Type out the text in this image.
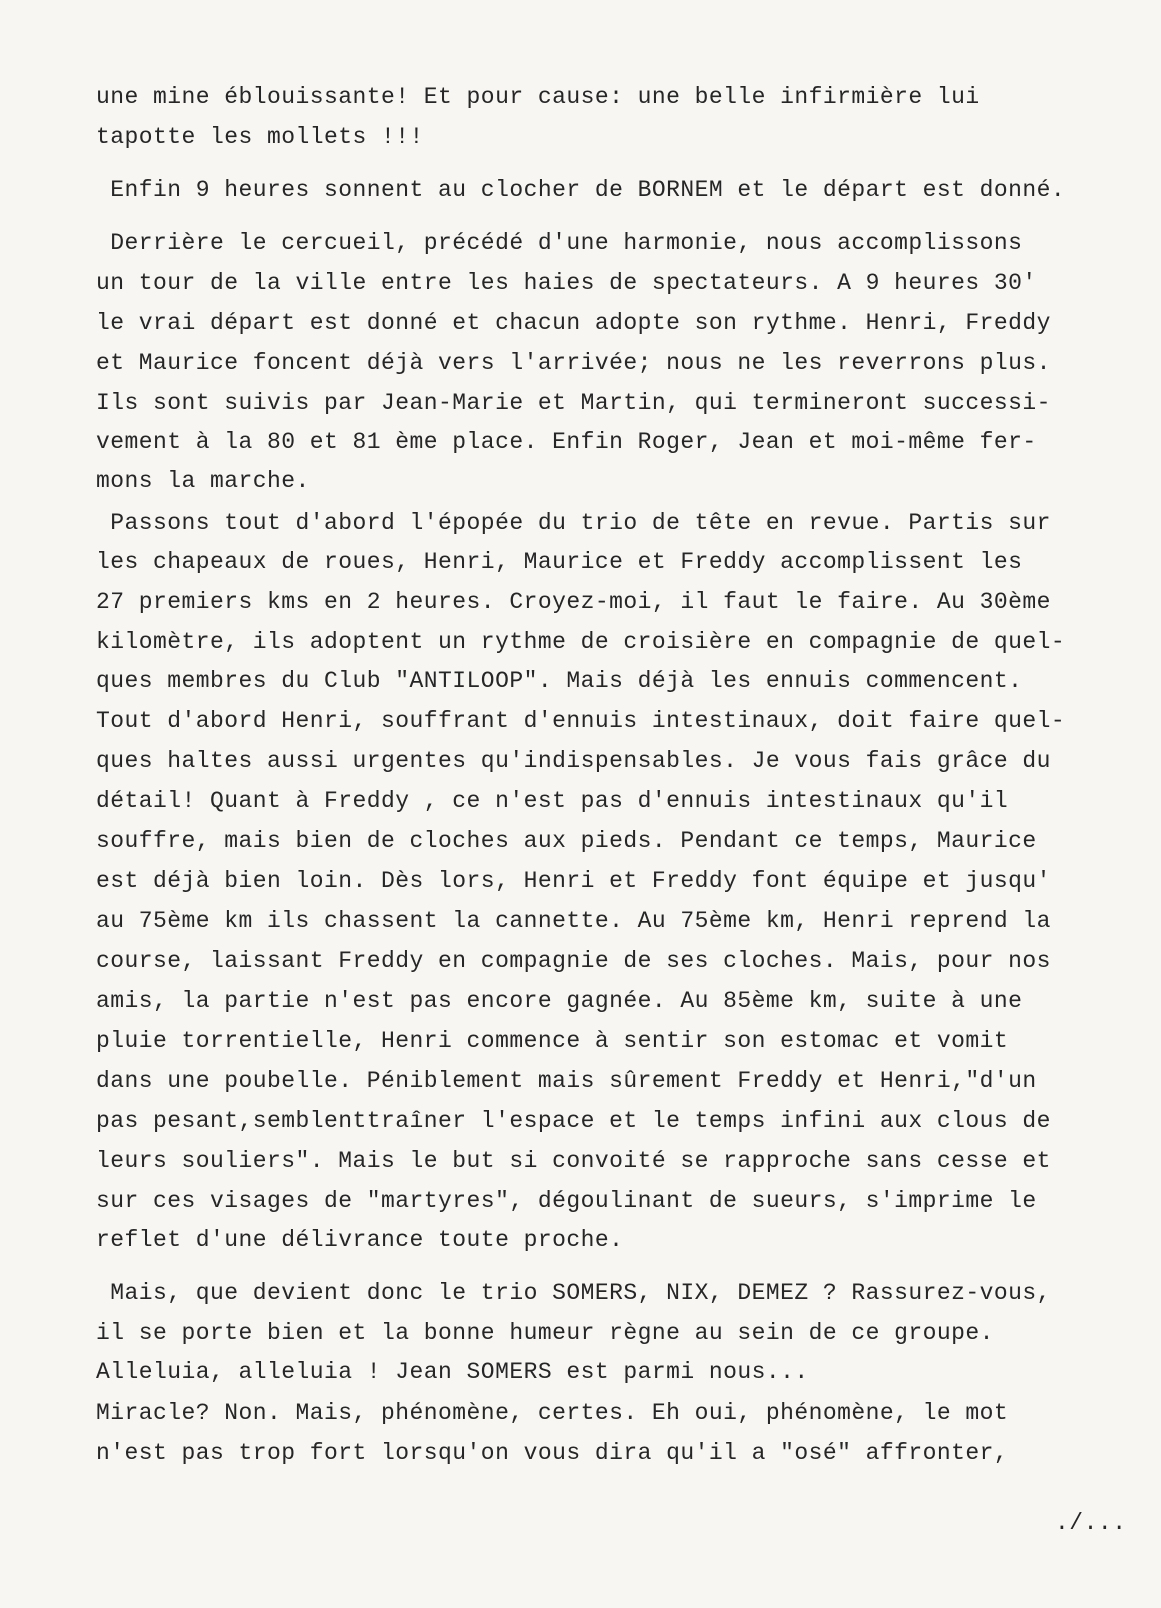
une mine éblouissante! Et pour cause: une belle infirmière lui
tapotte les mollets !!!
Enfin 9 heures sonnent au clocher de BORNEM et le départ est donné.
Derrière le cercueil, précédé d'une harmonie, nous accomplissons
un tour de la ville entre les haies de spectateurs. A 9 heures 30'
le vrai départ est donné et chacun adopte son rythme. Henri, Freddy
et Maurice foncent déjà vers l'arrivée; nous ne les reverrons plus.
Ils sont suivis par Jean-Marie et Martin, qui termineront successi-
vement à la 80 et 81 ème place. Enfin Roger, Jean et moi-même fer-
mons la marche.
Passons tout d'abord l'épopée du trio de tête en revue. Partis sur
les chapeaux de roues, Henri, Maurice et Freddy accomplissent les
27 premiers kms en 2 heures. Croyez-moi, il faut le faire. Au 30ème
kilomètre, ils adoptent un rythme de croisière en compagnie de quel-
ques membres du Club "ANTILOOP". Mais déjà les ennuis commencent.
Tout d'abord Henri, souffrant d'ennuis intestinaux, doit faire quel-
ques haltes aussi urgentes qu'indispensables. Je vous fais grâce du
détail! Quant à Freddy , ce n'est pas d'ennuis intestinaux qu'il
souffre, mais bien de cloches aux pieds. Pendant ce temps, Maurice
est déjà bien loin. Dès lors, Henri et Freddy font équipe et jusqu'
au 75ème km ils chassent la cannette. Au 75ème km, Henri reprend la
course, laissant Freddy en compagnie de ses cloches. Mais, pour nos
amis, la partie n'est pas encore gagnée. Au 85ème km, suite à une
pluie torrentielle, Henri commence à sentir son estomac et vomit
dans une poubelle. Péniblement mais sûrement Freddy et Henri,"d'un
pas pesant,semblenttraîner l'espace et le temps infini aux clous de
leurs souliers". Mais le but si convoité se rapproche sans cesse et
sur ces visages de "martyres", dégoulinant de sueurs, s'imprime le
reflet d'une délivrance toute proche.
Mais, que devient donc le trio SOMERS, NIX, DEMEZ ? Rassurez-vous,
il se porte bien et la bonne humeur règne au sein de ce groupe.
Alleluia, alleluia ! Jean SOMERS est parmi nous...
Miracle? Non. Mais, phénomène, certes. Eh oui, phénomène, le mot
n'est pas trop fort lorsqu'on vous dira qu'il a "osé" affronter,
./...
